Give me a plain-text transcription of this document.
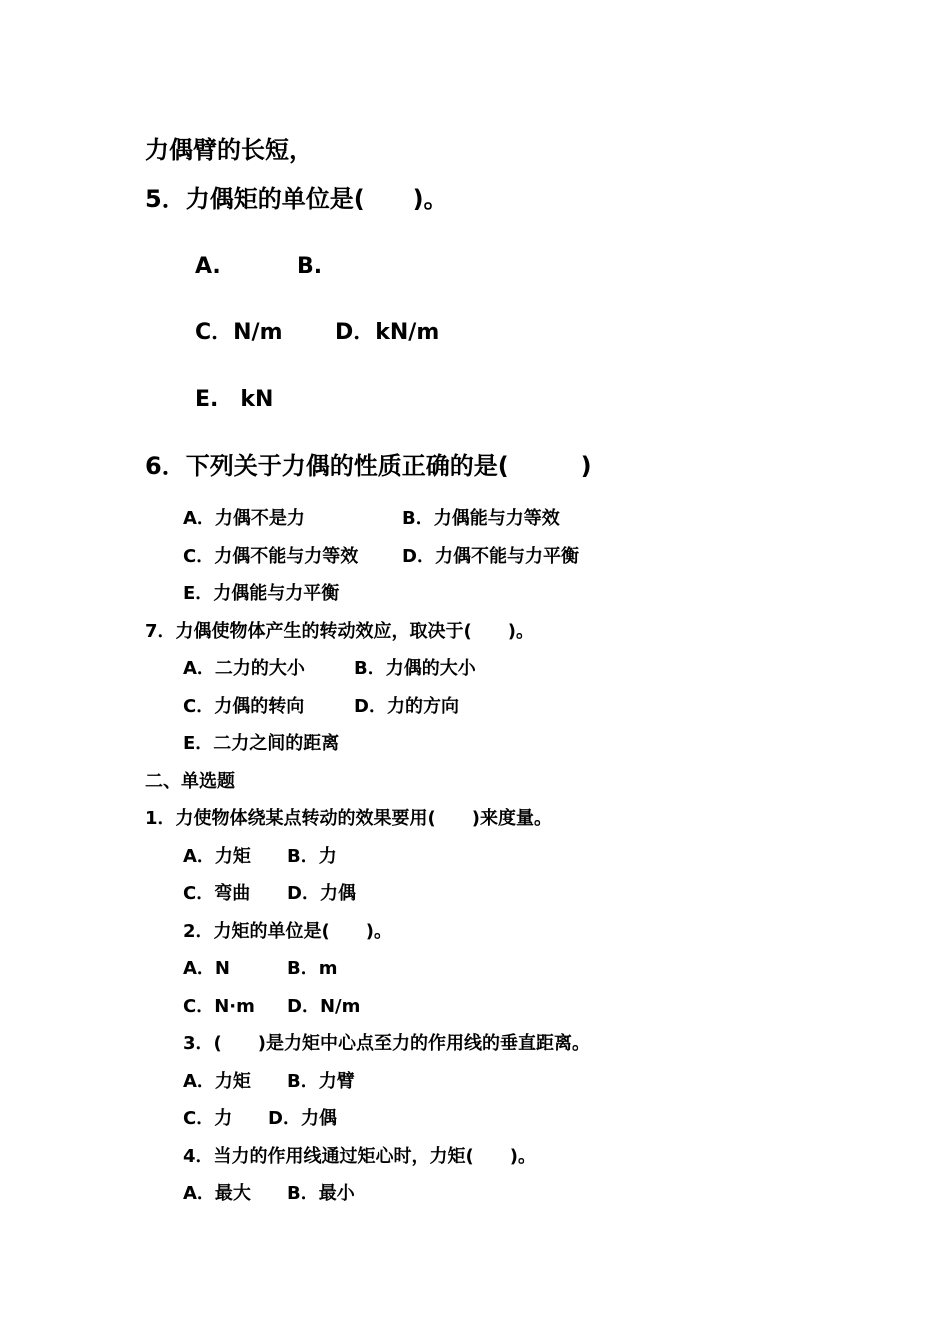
力偶臂的长短，
5．力偶矩的单位是(　　)。
A.	B.
C．N/m D．kN/m
E.　kN
6．下列关于力偶的性质正确的是(　　　)
A．力偶不是力	B．力偶能与力等效
C．力偶不能与力等效 D．力偶不能与力平衡
E．力偶能与力平衡
7．力偶使物体产生的转动效应，取决于(　　)。
A．二力的大小	B．力偶的大小
C．力偶的转向	D．力的方向
E．二力之间的距离
二、单选题
1．力使物体绕某点转动的效果要用(　　)来度量。
A．力矩 B．力
C．弯曲 D．力偶
2．力矩的单位是(　　)。
A．N	B．m
C．N·m D．N/m
3．(　　)是力矩中心点至力的作用线的垂直距离。
A．力矩 B．力臂
C．力 D．力偶
4．当力的作用线通过矩心时，力矩(　　)。
A．最大 B．最小
